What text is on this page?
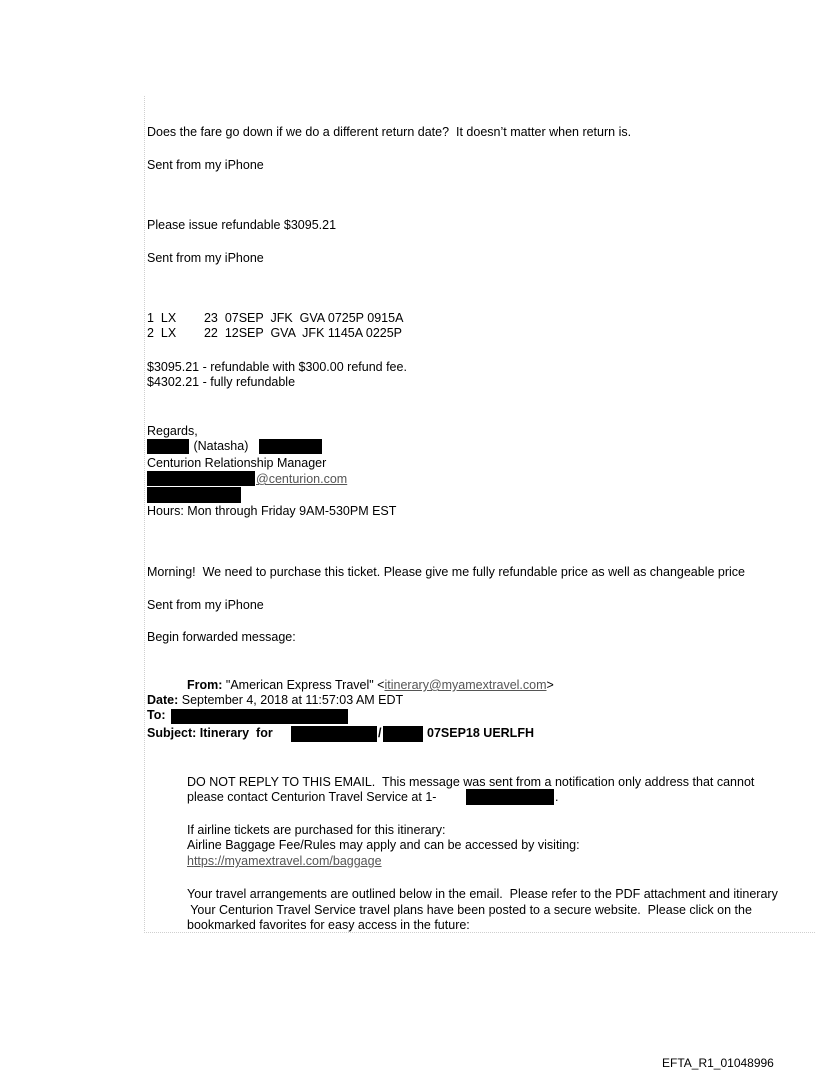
Does the fare go down if we do a different return date?  It doesn’t matter when return is.
Sent from my iPhone
Please issue refundable $3095.21
Sent from my iPhone
1  LX        23  07SEP  JFK  GVA 0725P 0915A
2  LX        22  12SEP  GVA  JFK 1145A 0225P
$3095.21 - refundable with $300.00 refund fee.
$4302.21 - fully refundable
Regards,
(Natasha)
Centurion Relationship Manager
@centurion.com
Hours: Mon through Friday 9AM-530PM EST
Morning!  We need to purchase this ticket. Please give me fully refundable price as well as changeable price
Sent from my iPhone
Begin forwarded message:
From: "American Express Travel" <itinerary@myamextravel.com>
Date: September 4, 2018 at 11:57:03 AM EDT
To:
Subject: Itinerary  for	/	07SEP18 UERLFH
DO NOT REPLY TO THIS EMAIL.  This message was sent from a notification only address that cannot
please contact Centurion Travel Service at 1-	.
If airline tickets are purchased for this itinerary:
Airline Baggage Fee/Rules may apply and can be accessed by visiting:
https://myamextravel.com/baggage
Your travel arrangements are outlined below in the email.  Please refer to the PDF attachment and itinerary
Your Centurion Travel Service travel plans have been posted to a secure website.  Please click on the
bookmarked favorites for easy access in the future:
EFTA_R1_01048996
